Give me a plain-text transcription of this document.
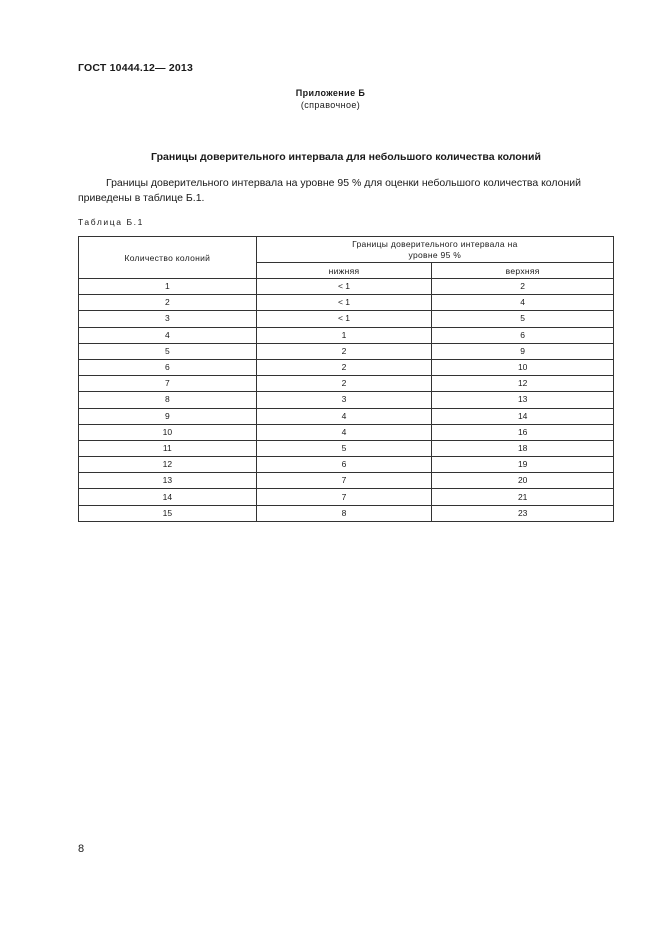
ГОСТ 10444.12— 2013
Приложение Б
(справочное)
Границы доверительного интервала для небольшого количества колоний
Границы доверительного интервала на уровне 95 % для оценки небольшого количества колоний приведены в таблице Б.1.
Таблица Б.1
Количество колоний	Границы доверительного интервала на
уровне 95 %	

	нижняя	верхняя
1	< 1	2
2	< 1	4
3	< 1	5
4	1	6
5	2	9
6	2	10
7	2	12
8	3	13
9	4	14
10	4	16
11	5	18
12	6	19
13	7	20
14	7	21
15	8	23
8
